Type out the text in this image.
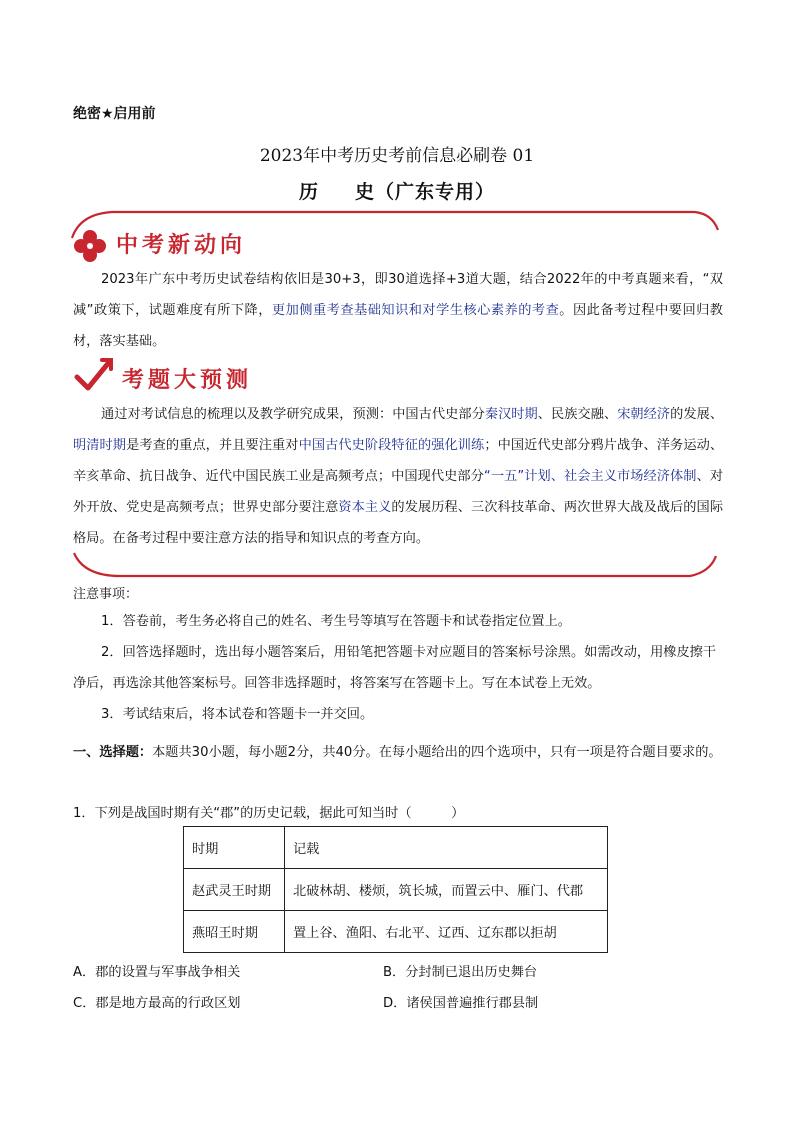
中考新动向
考题大预测
绝密★启用前
2023年中考历史考前信息必刷卷 01
历 史（广东专用）
2023年广东中考历史试卷结构依旧是30+3，即30道选择+3道大题，结合2022年的中考真题来看，“双减”政策下，试题难度有所下降，更加侧重考查基础知识和对学生核心素养的考查。因此备考过程中要回归教材，落实基础。
通过对考试信息的梳理以及教学研究成果，预测：中国古代史部分秦汉时期、民族交融、宋朝经济的发展、明清时期是考查的重点，并且要注重对中国古代史阶段特征的强化训练；中国近代史部分鸦片战争、洋务运动、辛亥革命、抗日战争、近代中国民族工业是高频考点；中国现代史部分“一五”计划、社会主义市场经济体制、对外开放、党史是高频考点；世界史部分要注意资本主义的发展历程、三次科技革命、两次世界大战及战后的国际格局。在备考过程中要注意方法的指导和知识点的考查方向。
注意事项：
1．答卷前，考生务必将自己的姓名、考生号等填写在答题卡和试卷指定位置上。
2．回答选择题时，选出每小题答案后，用铅笔把答题卡对应题目的答案标号涂黑。如需改动，用橡皮擦干净后，再选涂其他答案标号。回答非选择题时，将答案写在答题卡上。写在本试卷上无效。
3．考试结束后，将本试卷和答题卡一并交回。
一、选择题：本题共30小题，每小题2分，共40分。在每小题给出的四个选项中，只有一项是符合题目要求的。
1．下列是战国时期有关“郡”的历史记载，据此可知当时（　　　）
时期	记载
赵武灵王时期	北破林胡、楼烦，筑长城，而置云中、雁门、代郡
燕昭王时期	置上谷、渔阳、右北平、辽西、辽东郡以拒胡
A．郡的设置与军事战争相关	B．分封制已退出历史舞台
C．郡是地方最高的行政区划	D．诸侯国普遍推行郡县制
